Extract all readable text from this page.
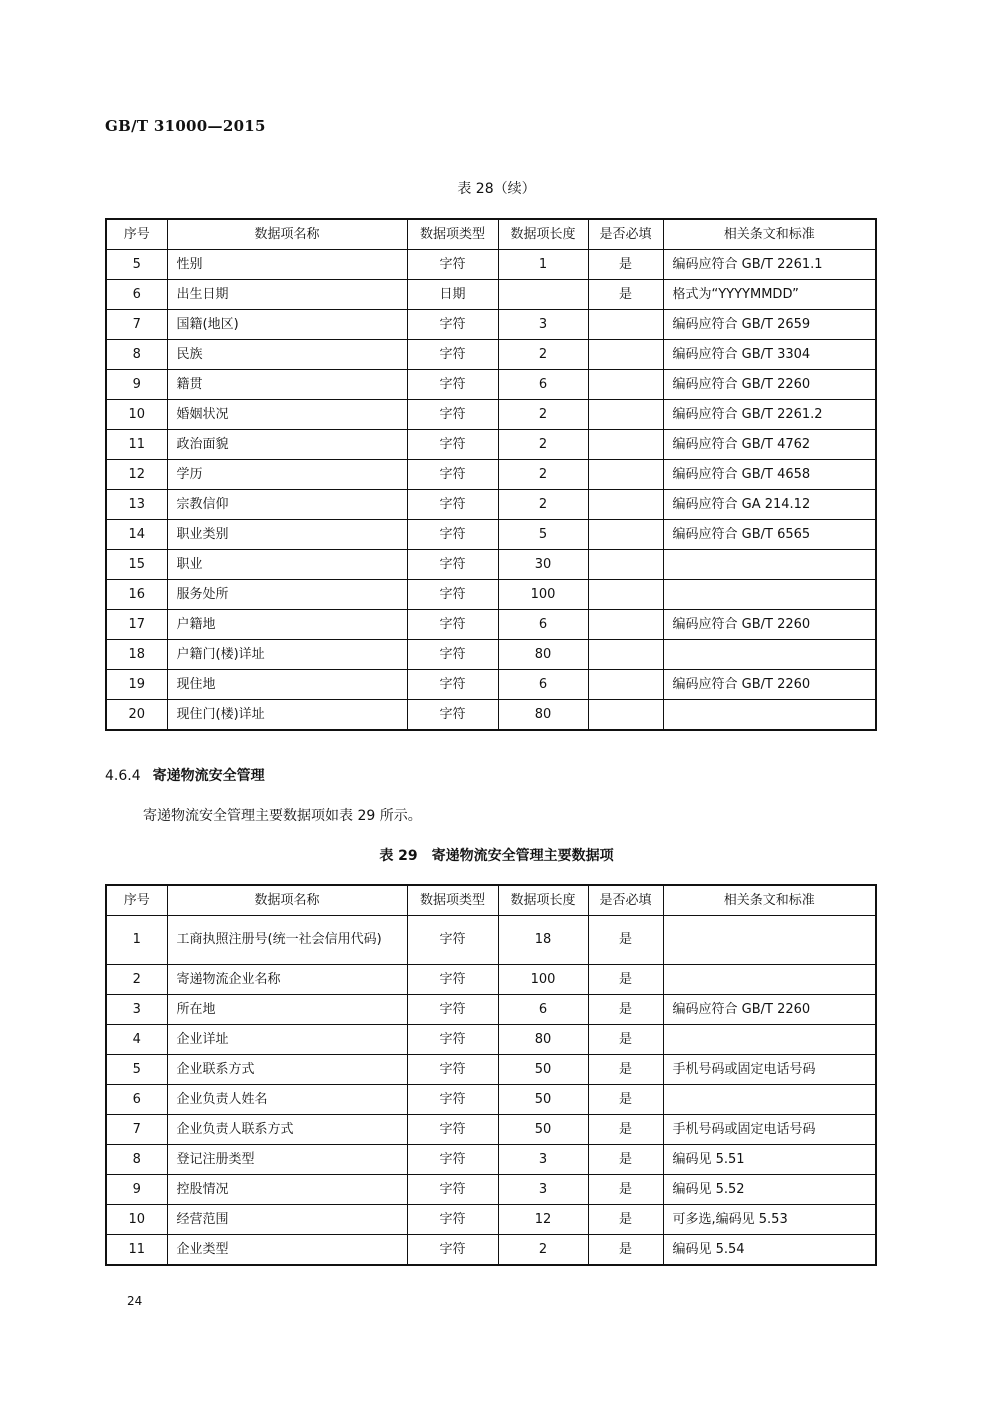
GB/T 31000—2015
表 28（续）
序号	数据项名称	数据项类型	数据项长度	是否必填	相关条文和标准
5	性别	字符	1	是	编码应符合 GB/T 2261.1
6	出生日期	日期		是	格式为“YYYYMMDD”
7	国籍(地区)	字符	3		编码应符合 GB/T 2659
8	民族	字符	2		编码应符合 GB/T 3304
9	籍贯	字符	6		编码应符合 GB/T 2260
10	婚姻状况	字符	2		编码应符合 GB/T 2261.2
11	政治面貌	字符	2		编码应符合 GB/T 4762
12	学历	字符	2		编码应符合 GB/T 4658
13	宗教信仰	字符	2		编码应符合 GA 214.12
14	职业类别	字符	5		编码应符合 GB/T 6565
15	职业	字符	30		
16	服务处所	字符	100		
17	户籍地	字符	6		编码应符合 GB/T 2260
18	户籍门(楼)详址	字符	80		
19	现住地	字符	6		编码应符合 GB/T 2260
20	现住门(楼)详址	字符	80		
4.6.4 寄递物流安全管理
寄递物流安全管理主要数据项如表 29 所示。
表 29　寄递物流安全管理主要数据项
序号	数据项名称	数据项类型	数据项长度	是否必填	相关条文和标准
1	工商执照注册号(统一社会信用代码)	字符	18	是	
2	寄递物流企业名称	字符	100	是	
3	所在地	字符	6	是	编码应符合 GB/T 2260
4	企业详址	字符	80	是	
5	企业联系方式	字符	50	是	手机号码或固定电话号码
6	企业负责人姓名	字符	50	是	
7	企业负责人联系方式	字符	50	是	手机号码或固定电话号码
8	登记注册类型	字符	3	是	编码见 5.51
9	控股情况	字符	3	是	编码见 5.52
10	经营范围	字符	12	是	可多选,编码见 5.53
11	企业类型	字符	2	是	编码见 5.54
24
